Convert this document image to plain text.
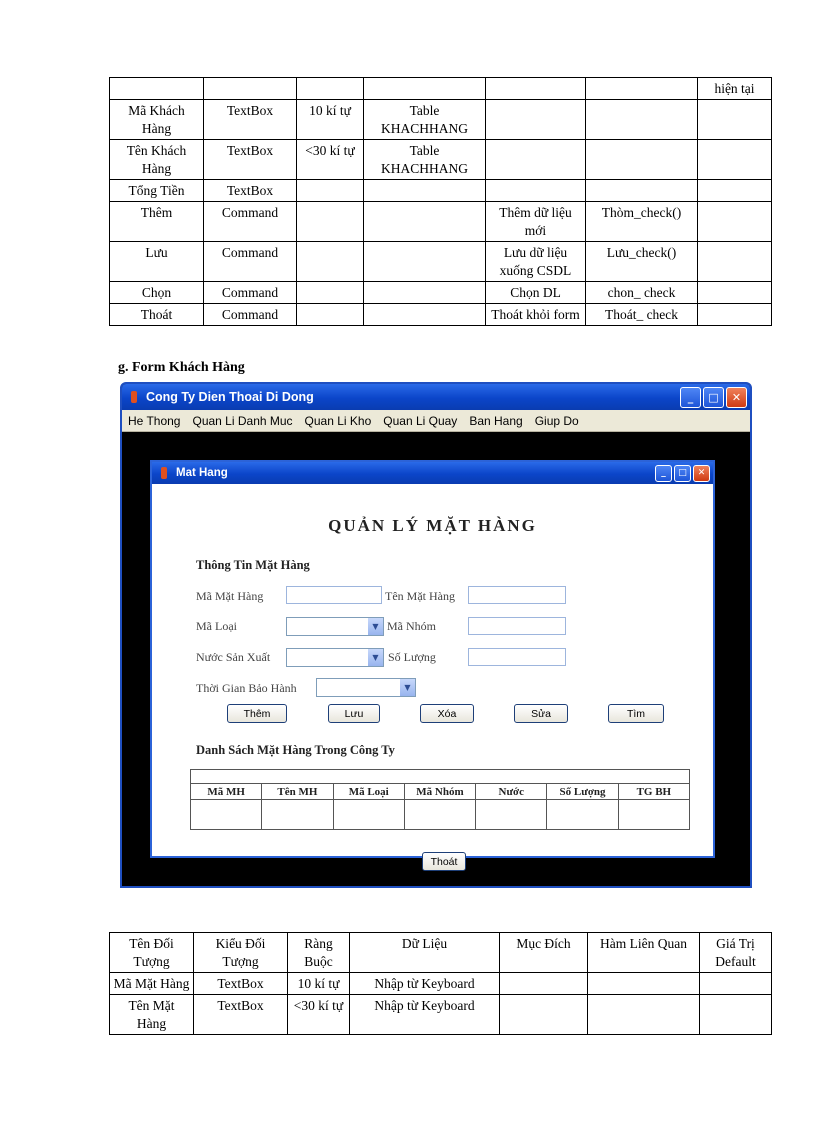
						hiện tại
Mã Khách Hàng	TextBox	10 kí tự	Table KHACHHANG			
Tên Khách Hàng	TextBox	<30 kí tự	Table KHACHHANG			
Tổng Tiền	TextBox					
Thêm	Command			Thêm dữ liệu mới	Thòm_check()	
Lưu	Command			Lưu dữ liệu xuống CSDL	Lưu_check()	
Chọn	Command			Chọn DL	chon_ check	
Thoát	Command			Thoát khỏi form	Thoát_ check	
g. Form Khách Hàng
Cong Ty Dien Thoai Di Dong	_	□	✕
He Thong Quan Li Danh Muc Quan Li Kho Quan Li Quay Ban Hang Giup Do
Mat Hang	_	□	✕
QUẢN LÝ MẶT HÀNG
Thông Tin Mặt Hàng
Mã Mặt Hàng	Tên Mặt Hàng
Mã Loại	▼ Mã Nhóm
Nước Sản Xuất	▼ Số Lượng
Thời Gian Bảo Hành	▼
Thêm	Lưu	Xóa	Sửa	Tìm
Danh Sách Mặt Hàng Trong Công Ty

Mã MH	Tên MH	Mã Loại	Mã Nhóm	Nước	Số Lượng	TG BH

Thoát
Tên Đối Tượng	Kiểu Đối Tượng	Ràng Buộc	Dữ Liệu	Mục Đích	Hàm Liên Quan	Giá Trị Default
Mã Mặt Hàng	TextBox	10 kí tự	Nhập từ Keyboard			
Tên Mặt Hàng	TextBox	<30 kí tự	Nhập từ Keyboard			
